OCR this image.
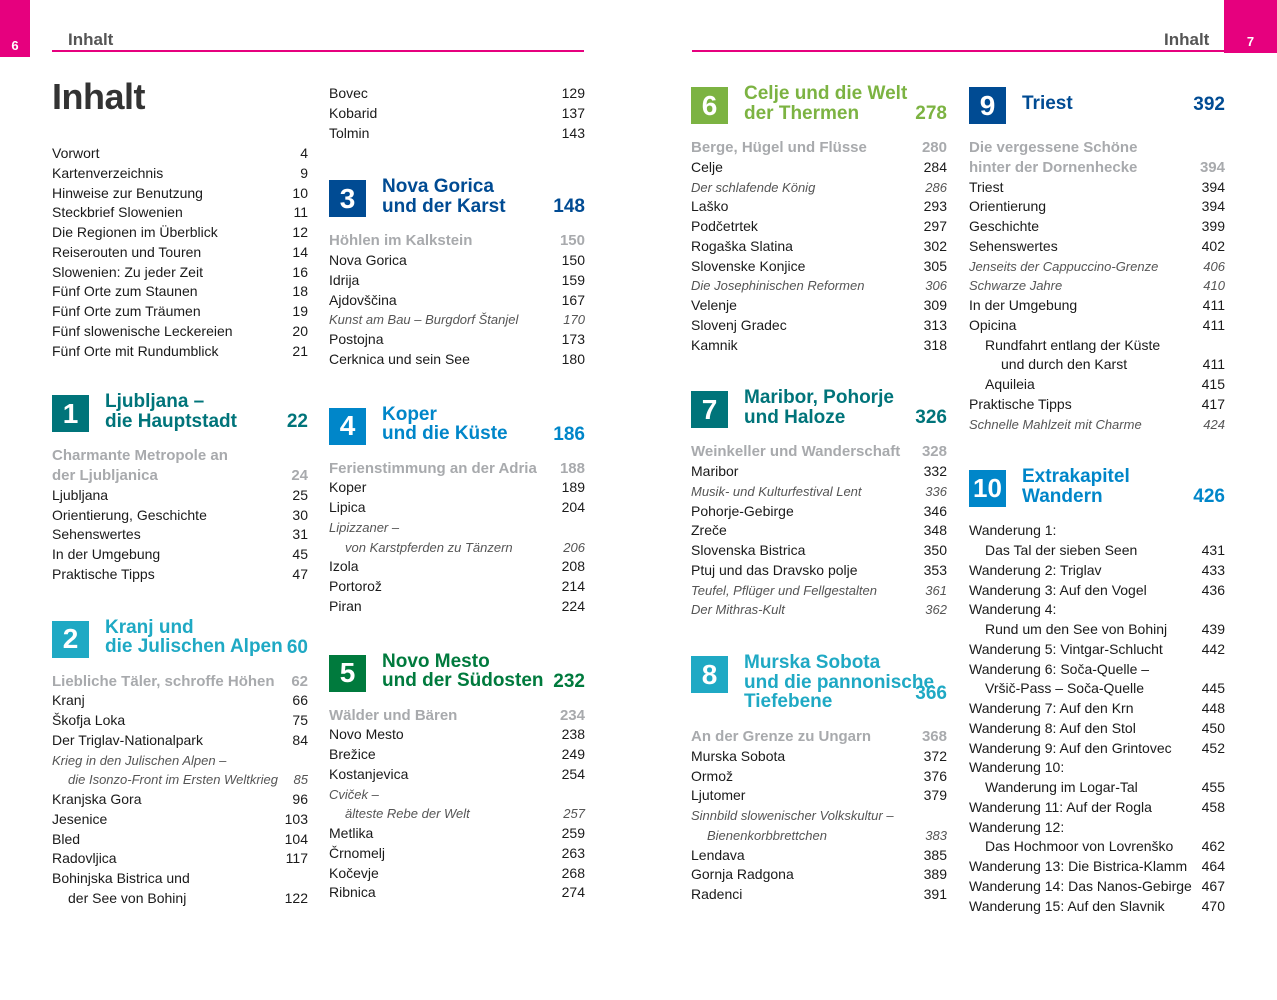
6	Inhalt	Inhalt	7
Inhalt
Vorwort	4
Kartenverzeichnis	9
Hinweise zur Benutzung	10
Steckbrief Slowenien	11
Die Regionen im Überblick	12
Reiserouten und Touren	14
Slowenien: Zu jeder Zeit	16
Fünf Orte zum Staunen	18
Fünf Orte zum Träumen	19
Fünf slowenische Leckereien	20
Fünf Orte mit Rundumblick	21
1	Ljubljana –
die Hauptstadt	22
Charmante Metropole an der Ljubljanica	24
Ljubljana	25
Orientierung, Geschichte	30
Sehenswertes	31
In der Umgebung	45
Praktische Tipps	47
2	Kranj und
die Julischen Alpen 60
Liebliche Täler, schroffe Höhen 62
Kranj	66
Škofja Loka	75
Der Triglav-Nationalpark	84
Krieg in den Julischen Alpen –
die Isonzo-Front im Ersten Weltkrieg	85
Kranjska Gora	96
Jesenice	103
Bled	104
Radovljica	117
Bohinjska Bistrica und
der See von Bohinj	122
Bovec	129
Kobarid	137
Tolmin	143
3	Nova Gorica
und der Karst	148
Höhlen im Kalkstein	150
Nova Gorica	150
Idrija	159
Ajdovščina	167
Kunst am Bau – Burgdorf Štanjel	170
Postojna	173
Cerknica und sein See	180
4	Koper
und die Küste 186
Ferienstimmung an der Adria 188
Koper	189
Lipica	204
Lipizzaner –
von Karstpferden zu Tänzern	206
Izola	208
Portorož	214
Piran	224
5	Novo Mesto
und der Südosten 232
Wälder und Bären	234
Novo Mesto	238
Brežice	249
Kostanjevica	254
Cviček –
älteste Rebe der Welt	257
Metlika	259
Črnomelj	263
Kočevje	268
Ribnica	274
6	Celje und die Welt
der Thermen	278
Berge, Hügel und Flüsse	280
Celje	284
Der schlafende König	286
Laško	293
Podčetrtek	297
Rogaška Slatina	302
Slovenske Konjice	305
Die Josephinischen Reformen	306
Velenje	309
Slovenj Gradec	313
Kamnik	318
7	Maribor, Pohorje
und Haloze	326
Weinkeller und Wanderschaft 328
Maribor	332
Musik- und Kulturfestival Lent	336
Pohorje-Gebirge	346
Zreče	348
Slovenska Bistrica	350
Ptuj und das Dravsko polje	353
Teufel, Pflüger und Fellgestalten	361
Der Mithras-Kult	362
8	Murska Sobota
und die pannonische
Tiefebene	366
An der Grenze zu Ungarn	368
Murska Sobota	372
Ormož	376
Ljutomer	379
Sinnbild slowenischer Volkskultur –
Bienenkorbbrettchen	383
Lendava	385
Gornja Radgona	389
Radenci	391
9	Triest	392
Die vergessene Schöne hinter der Dornenhecke	394
Triest	394
Orientierung	394
Geschichte	399
Sehenswertes	402
Jenseits der Cappuccino-Grenze	406
Schwarze Jahre	410
In der Umgebung	411
Opicina	411
Rundfahrt entlang der Küste
und durch den Karst	411
Aquileia	415
Praktische Tipps	417
Schnelle Mahlzeit mit Charme	424
10 Extrakapitel
Wandern	426
Wanderung 1:
Das Tal der sieben Seen	431
Wanderung 2: Triglav	433
Wanderung 3: Auf den Vogel	436
Wanderung 4:
Rund um den See von Bohinj	439
Wanderung 5: Vintgar-Schlucht	442
Wanderung 6: Soča-Quelle –
Vršič-Pass – Soča-Quelle	445
Wanderung 7: Auf den Krn	448
Wanderung 8: Auf den Stol	450
Wanderung 9: Auf den Grintovec 452
Wanderung 10:
Wanderung im Logar-Tal	455
Wanderung 11: Auf der Rogla	458
Wanderung 12:
Das Hochmoor von Lovrenško	462
Wanderung 13: Die Bistrica-Klamm 464
Wanderung 14: Das Nanos-Gebirge 467
Wanderung 15: Auf den Slavnik	470
